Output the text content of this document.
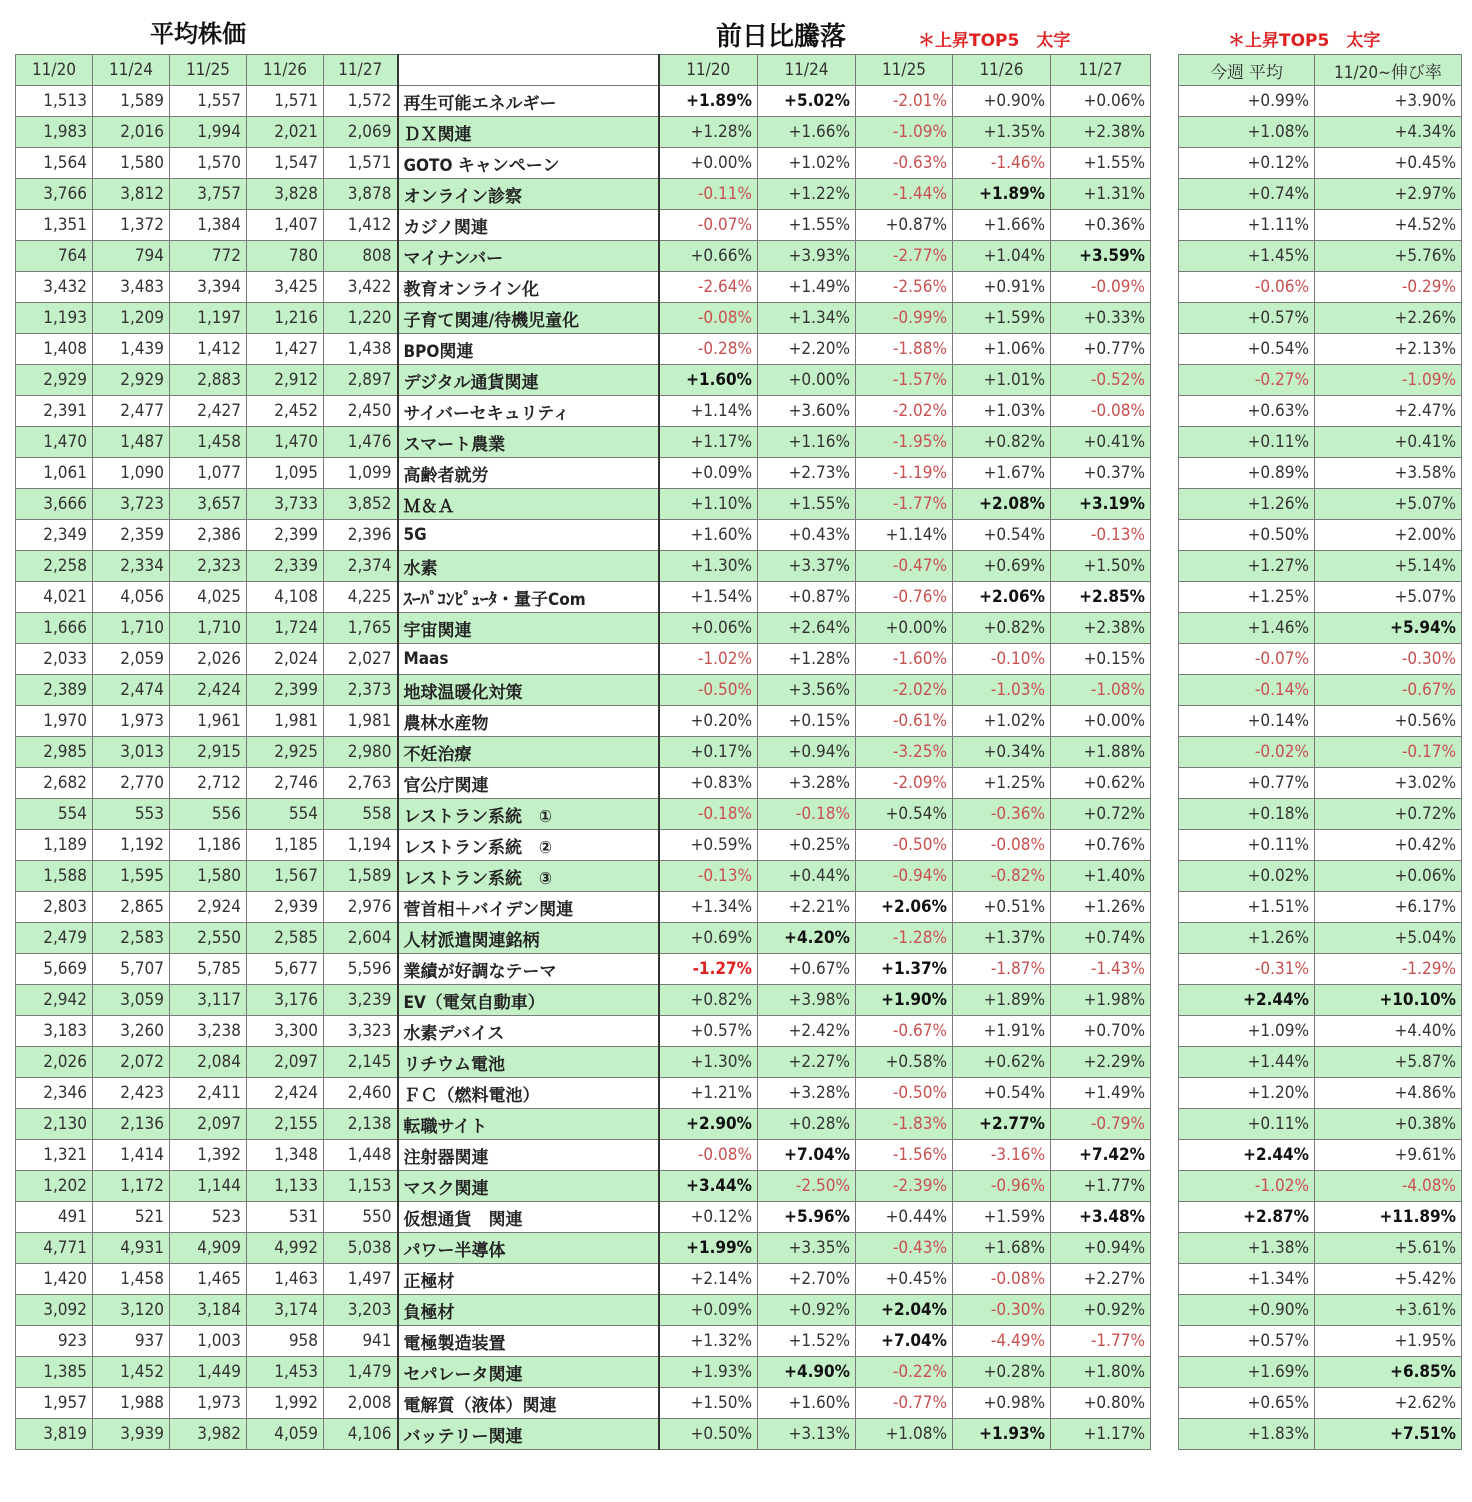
平均株価	前日比騰落	＊上昇TOP5　太字	＊上昇TOP5　太字
11/20	11/24	11/25	11/26	11/27		11/20	11/24	11/25	11/26	11/27
1,513	1,589	1,557	1,571	1,572	再生可能エネルギー	+1.89%	+5.02%	-2.01%	+0.90%	+0.06%
1,983	2,016	1,994	2,021	2,069	ＤＸ関連	+1.28%	+1.66%	-1.09%	+1.35%	+2.38%
1,564	1,580	1,570	1,547	1,571	GOTO キャンペーン	+0.00%	+1.02%	-0.63%	-1.46%	+1.55%
3,766	3,812	3,757	3,828	3,878	オンライン診察	-0.11%	+1.22%	-1.44%	+1.89%	+1.31%
1,351	1,372	1,384	1,407	1,412	カジノ関連	-0.07%	+1.55%	+0.87%	+1.66%	+0.36%
764	794	772	780	808	マイナンバー	+0.66%	+3.93%	-2.77%	+1.04%	+3.59%
3,432	3,483	3,394	3,425	3,422	教育オンライン化	-2.64%	+1.49%	-2.56%	+0.91%	-0.09%
1,193	1,209	1,197	1,216	1,220	子育て関連/待機児童化	-0.08%	+1.34%	-0.99%	+1.59%	+0.33%
1,408	1,439	1,412	1,427	1,438	BPO関連	-0.28%	+2.20%	-1.88%	+1.06%	+0.77%
2,929	2,929	2,883	2,912	2,897	デジタル通貨関連	+1.60%	+0.00%	-1.57%	+1.01%	-0.52%
2,391	2,477	2,427	2,452	2,450	サイバーセキュリティ	+1.14%	+3.60%	-2.02%	+1.03%	-0.08%
1,470	1,487	1,458	1,470	1,476	スマート農業	+1.17%	+1.16%	-1.95%	+0.82%	+0.41%
1,061	1,090	1,077	1,095	1,099	高齢者就労	+0.09%	+2.73%	-1.19%	+1.67%	+0.37%
3,666	3,723	3,657	3,733	3,852	Ｍ＆Ａ	+1.10%	+1.55%	-1.77%	+2.08%	+3.19%
2,349	2,359	2,386	2,399	2,396	5G	+1.60%	+0.43%	+1.14%	+0.54%	-0.13%
2,258	2,334	2,323	2,339	2,374	水素	+1.30%	+3.37%	-0.47%	+0.69%	+1.50%
4,021	4,056	4,025	4,108	4,225	ｽｰﾊﾟｺﾝﾋﾟｭｰﾀ・量子Com	+1.54%	+0.87%	-0.76%	+2.06%	+2.85%
1,666	1,710	1,710	1,724	1,765	宇宙関連	+0.06%	+2.64%	+0.00%	+0.82%	+2.38%
2,033	2,059	2,026	2,024	2,027	Maas	-1.02%	+1.28%	-1.60%	-0.10%	+0.15%
2,389	2,474	2,424	2,399	2,373	地球温暖化対策	-0.50%	+3.56%	-2.02%	-1.03%	-1.08%
1,970	1,973	1,961	1,981	1,981	農林水産物	+0.20%	+0.15%	-0.61%	+1.02%	+0.00%
2,985	3,013	2,915	2,925	2,980	不妊治療	+0.17%	+0.94%	-3.25%	+0.34%	+1.88%
2,682	2,770	2,712	2,746	2,763	官公庁関連	+0.83%	+3.28%	-2.09%	+1.25%	+0.62%
554	553	556	554	558	レストラン系統　①	-0.18%	-0.18%	+0.54%	-0.36%	+0.72%
1,189	1,192	1,186	1,185	1,194	レストラン系統　②	+0.59%	+0.25%	-0.50%	-0.08%	+0.76%
1,588	1,595	1,580	1,567	1,589	レストラン系統　③	-0.13%	+0.44%	-0.94%	-0.82%	+1.40%
2,803	2,865	2,924	2,939	2,976	菅首相＋バイデン関連	+1.34%	+2.21%	+2.06%	+0.51%	+1.26%
2,479	2,583	2,550	2,585	2,604	人材派遣関連銘柄	+0.69%	+4.20%	-1.28%	+1.37%	+0.74%
5,669	5,707	5,785	5,677	5,596	業績が好調なテーマ	-1.27%	+0.67%	+1.37%	-1.87%	-1.43%
2,942	3,059	3,117	3,176	3,239	EV（電気自動車）	+0.82%	+3.98%	+1.90%	+1.89%	+1.98%
3,183	3,260	3,238	3,300	3,323	水素デバイス	+0.57%	+2.42%	-0.67%	+1.91%	+0.70%
2,026	2,072	2,084	2,097	2,145	リチウム電池	+1.30%	+2.27%	+0.58%	+0.62%	+2.29%
2,346	2,423	2,411	2,424	2,460	ＦＣ（燃料電池）	+1.21%	+3.28%	-0.50%	+0.54%	+1.49%
2,130	2,136	2,097	2,155	2,138	転職サイト	+2.90%	+0.28%	-1.83%	+2.77%	-0.79%
1,321	1,414	1,392	1,348	1,448	注射器関連	-0.08%	+7.04%	-1.56%	-3.16%	+7.42%
1,202	1,172	1,144	1,133	1,153	マスク関連	+3.44%	-2.50%	-2.39%	-0.96%	+1.77%
491	521	523	531	550	仮想通貨　関連	+0.12%	+5.96%	+0.44%	+1.59%	+3.48%
4,771	4,931	4,909	4,992	5,038	パワー半導体	+1.99%	+3.35%	-0.43%	+1.68%	+0.94%
1,420	1,458	1,465	1,463	1,497	正極材	+2.14%	+2.70%	+0.45%	-0.08%	+2.27%
3,092	3,120	3,184	3,174	3,203	負極材	+0.09%	+0.92%	+2.04%	-0.30%	+0.92%
923	937	1,003	958	941	電極製造装置	+1.32%	+1.52%	+7.04%	-4.49%	-1.77%
1,385	1,452	1,449	1,453	1,479	セパレータ関連	+1.93%	+4.90%	-0.22%	+0.28%	+1.80%
1,957	1,988	1,973	1,992	2,008	電解質（液体）関連	+1.50%	+1.60%	-0.77%	+0.98%	+0.80%
3,819	3,939	3,982	4,059	4,106	バッテリー関連	+0.50%	+3.13%	+1.08%	+1.93%	+1.17%
今週 平均	11/20~伸び率
+0.99%	+3.90%
+1.08%	+4.34%
+0.12%	+0.45%
+0.74%	+2.97%
+1.11%	+4.52%
+1.45%	+5.76%
-0.06%	-0.29%
+0.57%	+2.26%
+0.54%	+2.13%
-0.27%	-1.09%
+0.63%	+2.47%
+0.11%	+0.41%
+0.89%	+3.58%
+1.26%	+5.07%
+0.50%	+2.00%
+1.27%	+5.14%
+1.25%	+5.07%
+1.46%	+5.94%
-0.07%	-0.30%
-0.14%	-0.67%
+0.14%	+0.56%
-0.02%	-0.17%
+0.77%	+3.02%
+0.18%	+0.72%
+0.11%	+0.42%
+0.02%	+0.06%
+1.51%	+6.17%
+1.26%	+5.04%
-0.31%	-1.29%
+2.44%	+10.10%
+1.09%	+4.40%
+1.44%	+5.87%
+1.20%	+4.86%
+0.11%	+0.38%
+2.44%	+9.61%
-1.02%	-4.08%
+2.87%	+11.89%
+1.38%	+5.61%
+1.34%	+5.42%
+0.90%	+3.61%
+0.57%	+1.95%
+1.69%	+6.85%
+0.65%	+2.62%
+1.83%	+7.51%
